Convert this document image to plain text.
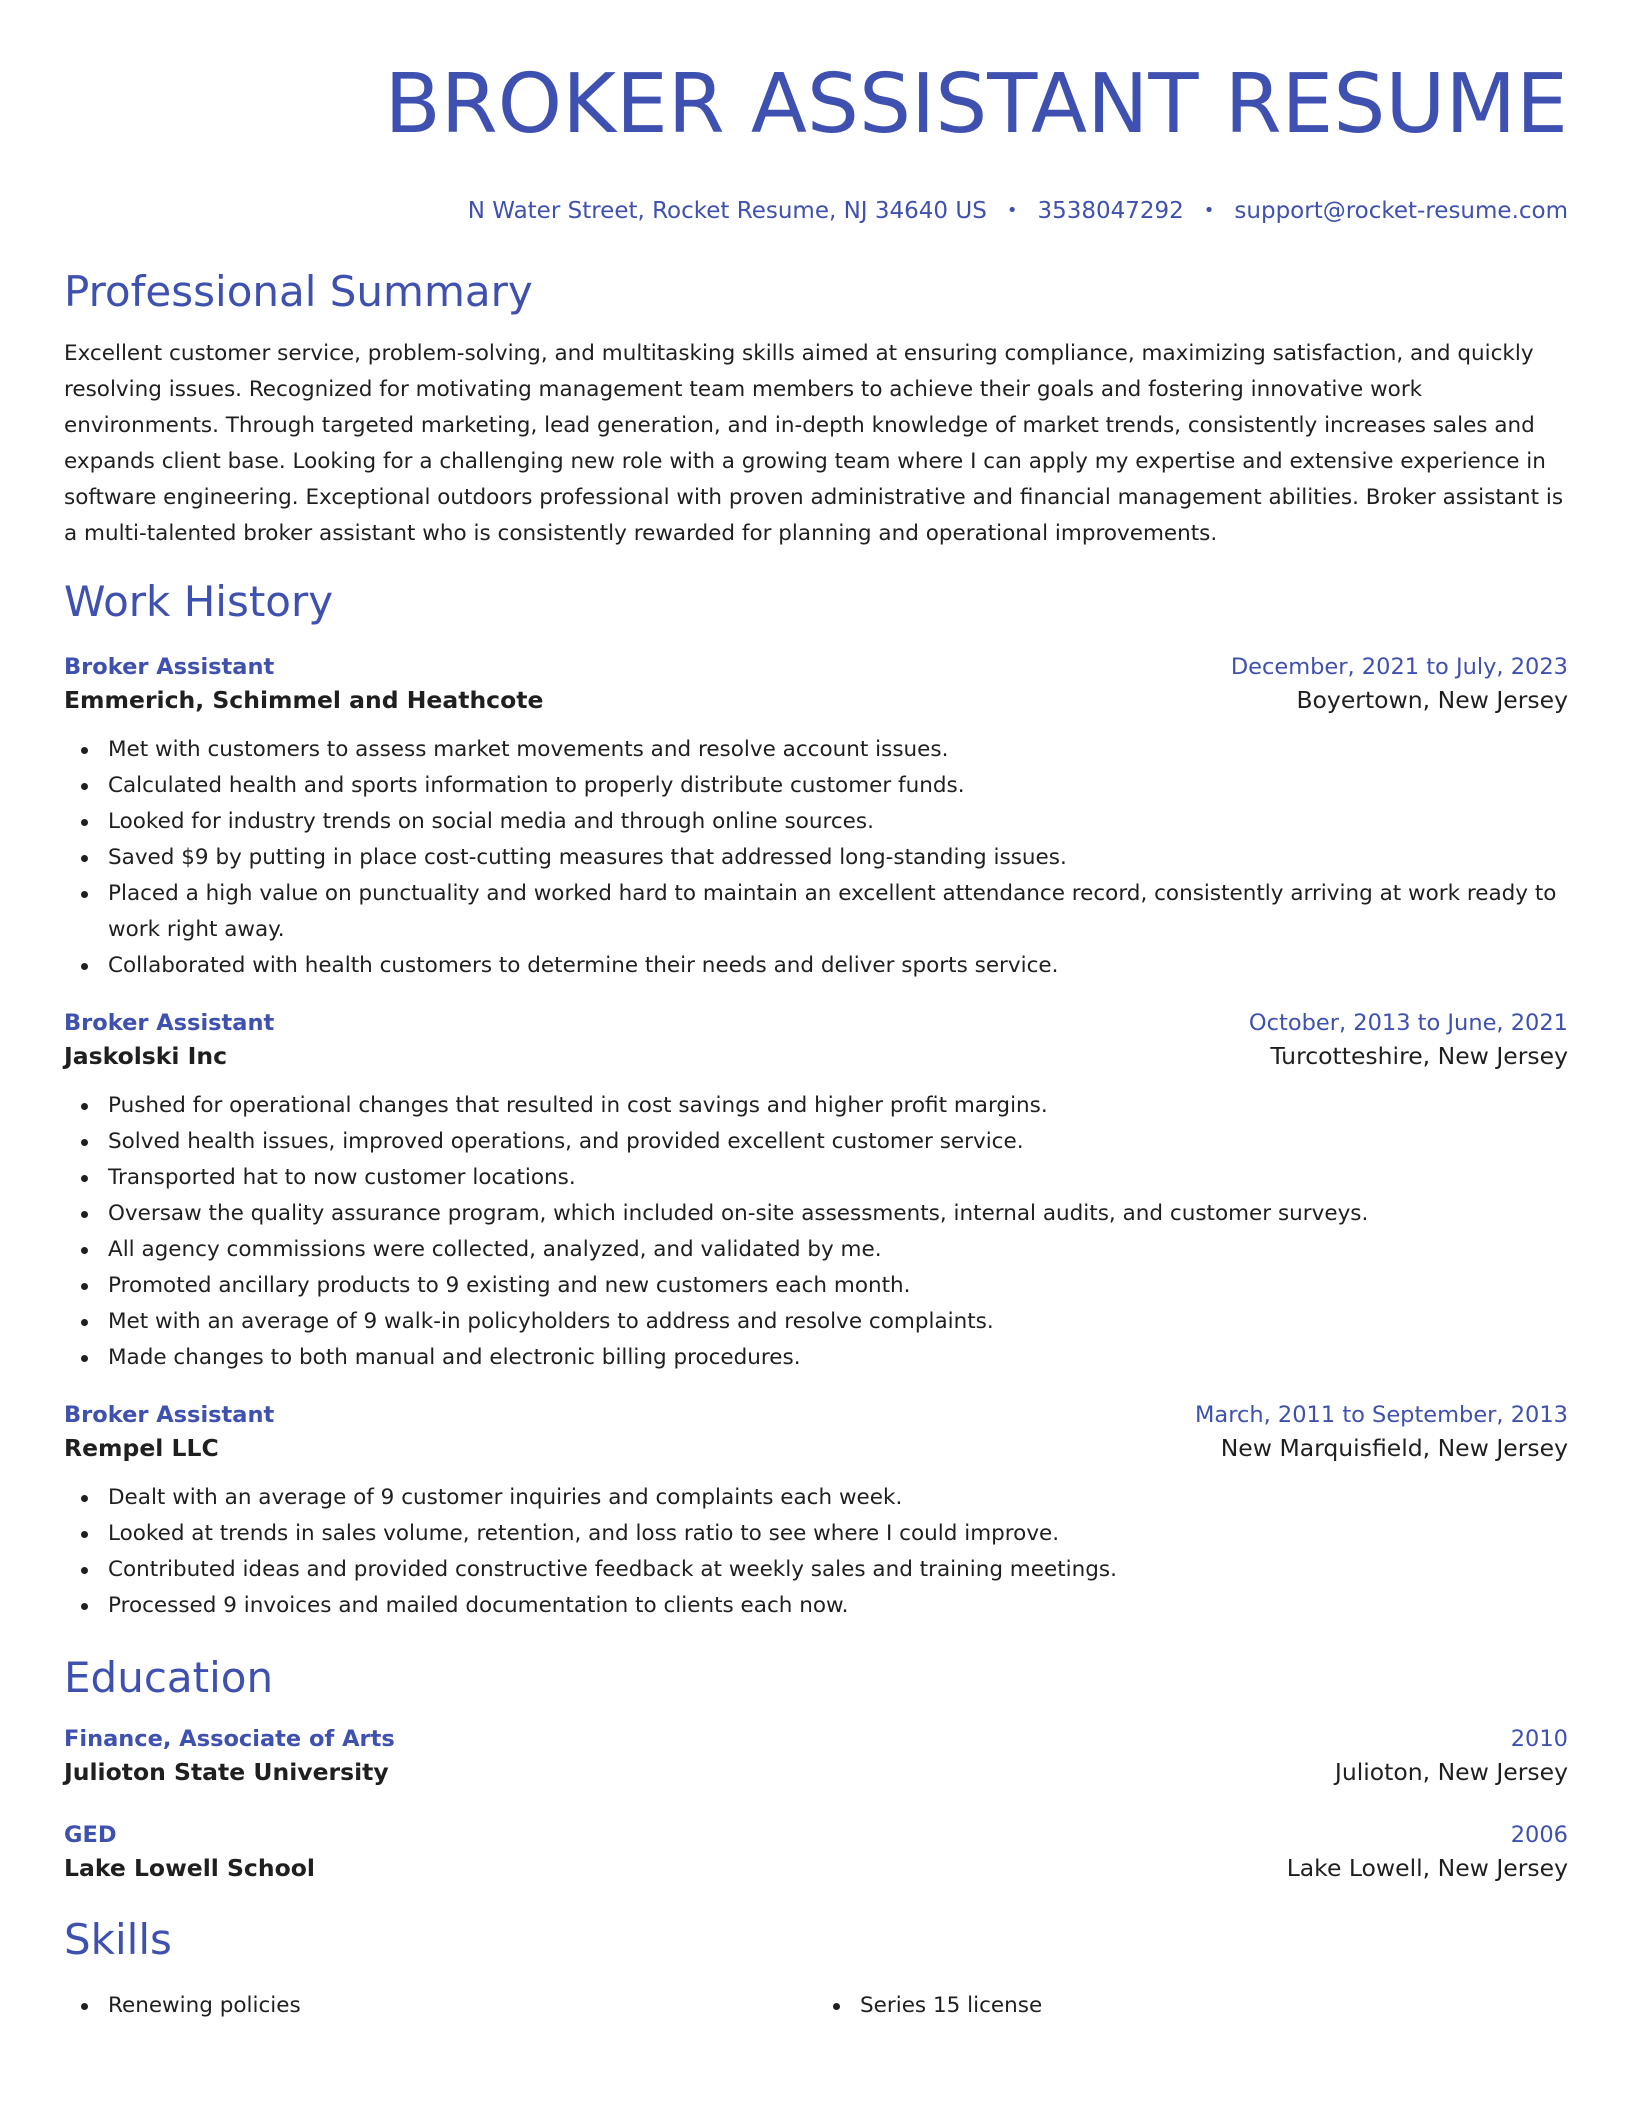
BROKER ASSISTANT RESUME
N Water Street, Rocket Resume, NJ 34640 US • 3538047292 • support@rocket-resume.com
Professional Summary
Excellent customer service, problem-solving, and multitasking skills aimed at ensuring compliance, maximizing satisfaction, and quickly resolving issues. Recognized for motivating management team members to achieve their goals and fostering innovative work environments. Through targeted marketing, lead generation, and in-depth knowledge of market trends, consistently increases sales and expands client base. Looking for a challenging new role with a growing team where I can apply my expertise and extensive experience in software engineering. Exceptional outdoors professional with proven administrative and financial management abilities. Broker assistant is a multi-talented broker assistant who is consistently rewarded for planning and operational improvements.
Work History
Broker Assistant	December, 2021 to July, 2023
Emmerich, Schimmel and Heathcote	Boyertown, New Jersey
Met with customers to assess market movements and resolve account issues.
Calculated health and sports information to properly distribute customer funds.
Looked for industry trends on social media and through online sources.
Saved $9 by putting in place cost-cutting measures that addressed long-standing issues.
Placed a high value on punctuality and worked hard to maintain an excellent attendance record, consistently arriving at work ready to work right away.
Collaborated with health customers to determine their needs and deliver sports service.
Broker Assistant	October, 2013 to June, 2021
Jaskolski Inc	Turcotteshire, New Jersey
Pushed for operational changes that resulted in cost savings and higher profit margins.
Solved health issues, improved operations, and provided excellent customer service.
Transported hat to now customer locations.
Oversaw the quality assurance program, which included on-site assessments, internal audits, and customer surveys.
All agency commissions were collected, analyzed, and validated by me.
Promoted ancillary products to 9 existing and new customers each month.
Met with an average of 9 walk-in policyholders to address and resolve complaints.
Made changes to both manual and electronic billing procedures.
Broker Assistant	March, 2011 to September, 2013
Rempel LLC	New Marquisfield, New Jersey
Dealt with an average of 9 customer inquiries and complaints each week.
Looked at trends in sales volume, retention, and loss ratio to see where I could improve.
Contributed ideas and provided constructive feedback at weekly sales and training meetings.
Processed 9 invoices and mailed documentation to clients each now.
Education
Finance, Associate of Arts	2010
Julioton State University	Julioton, New Jersey
GED	2006
Lake Lowell School	Lake Lowell, New Jersey
Skills
Renewing policies	Series 15 license
